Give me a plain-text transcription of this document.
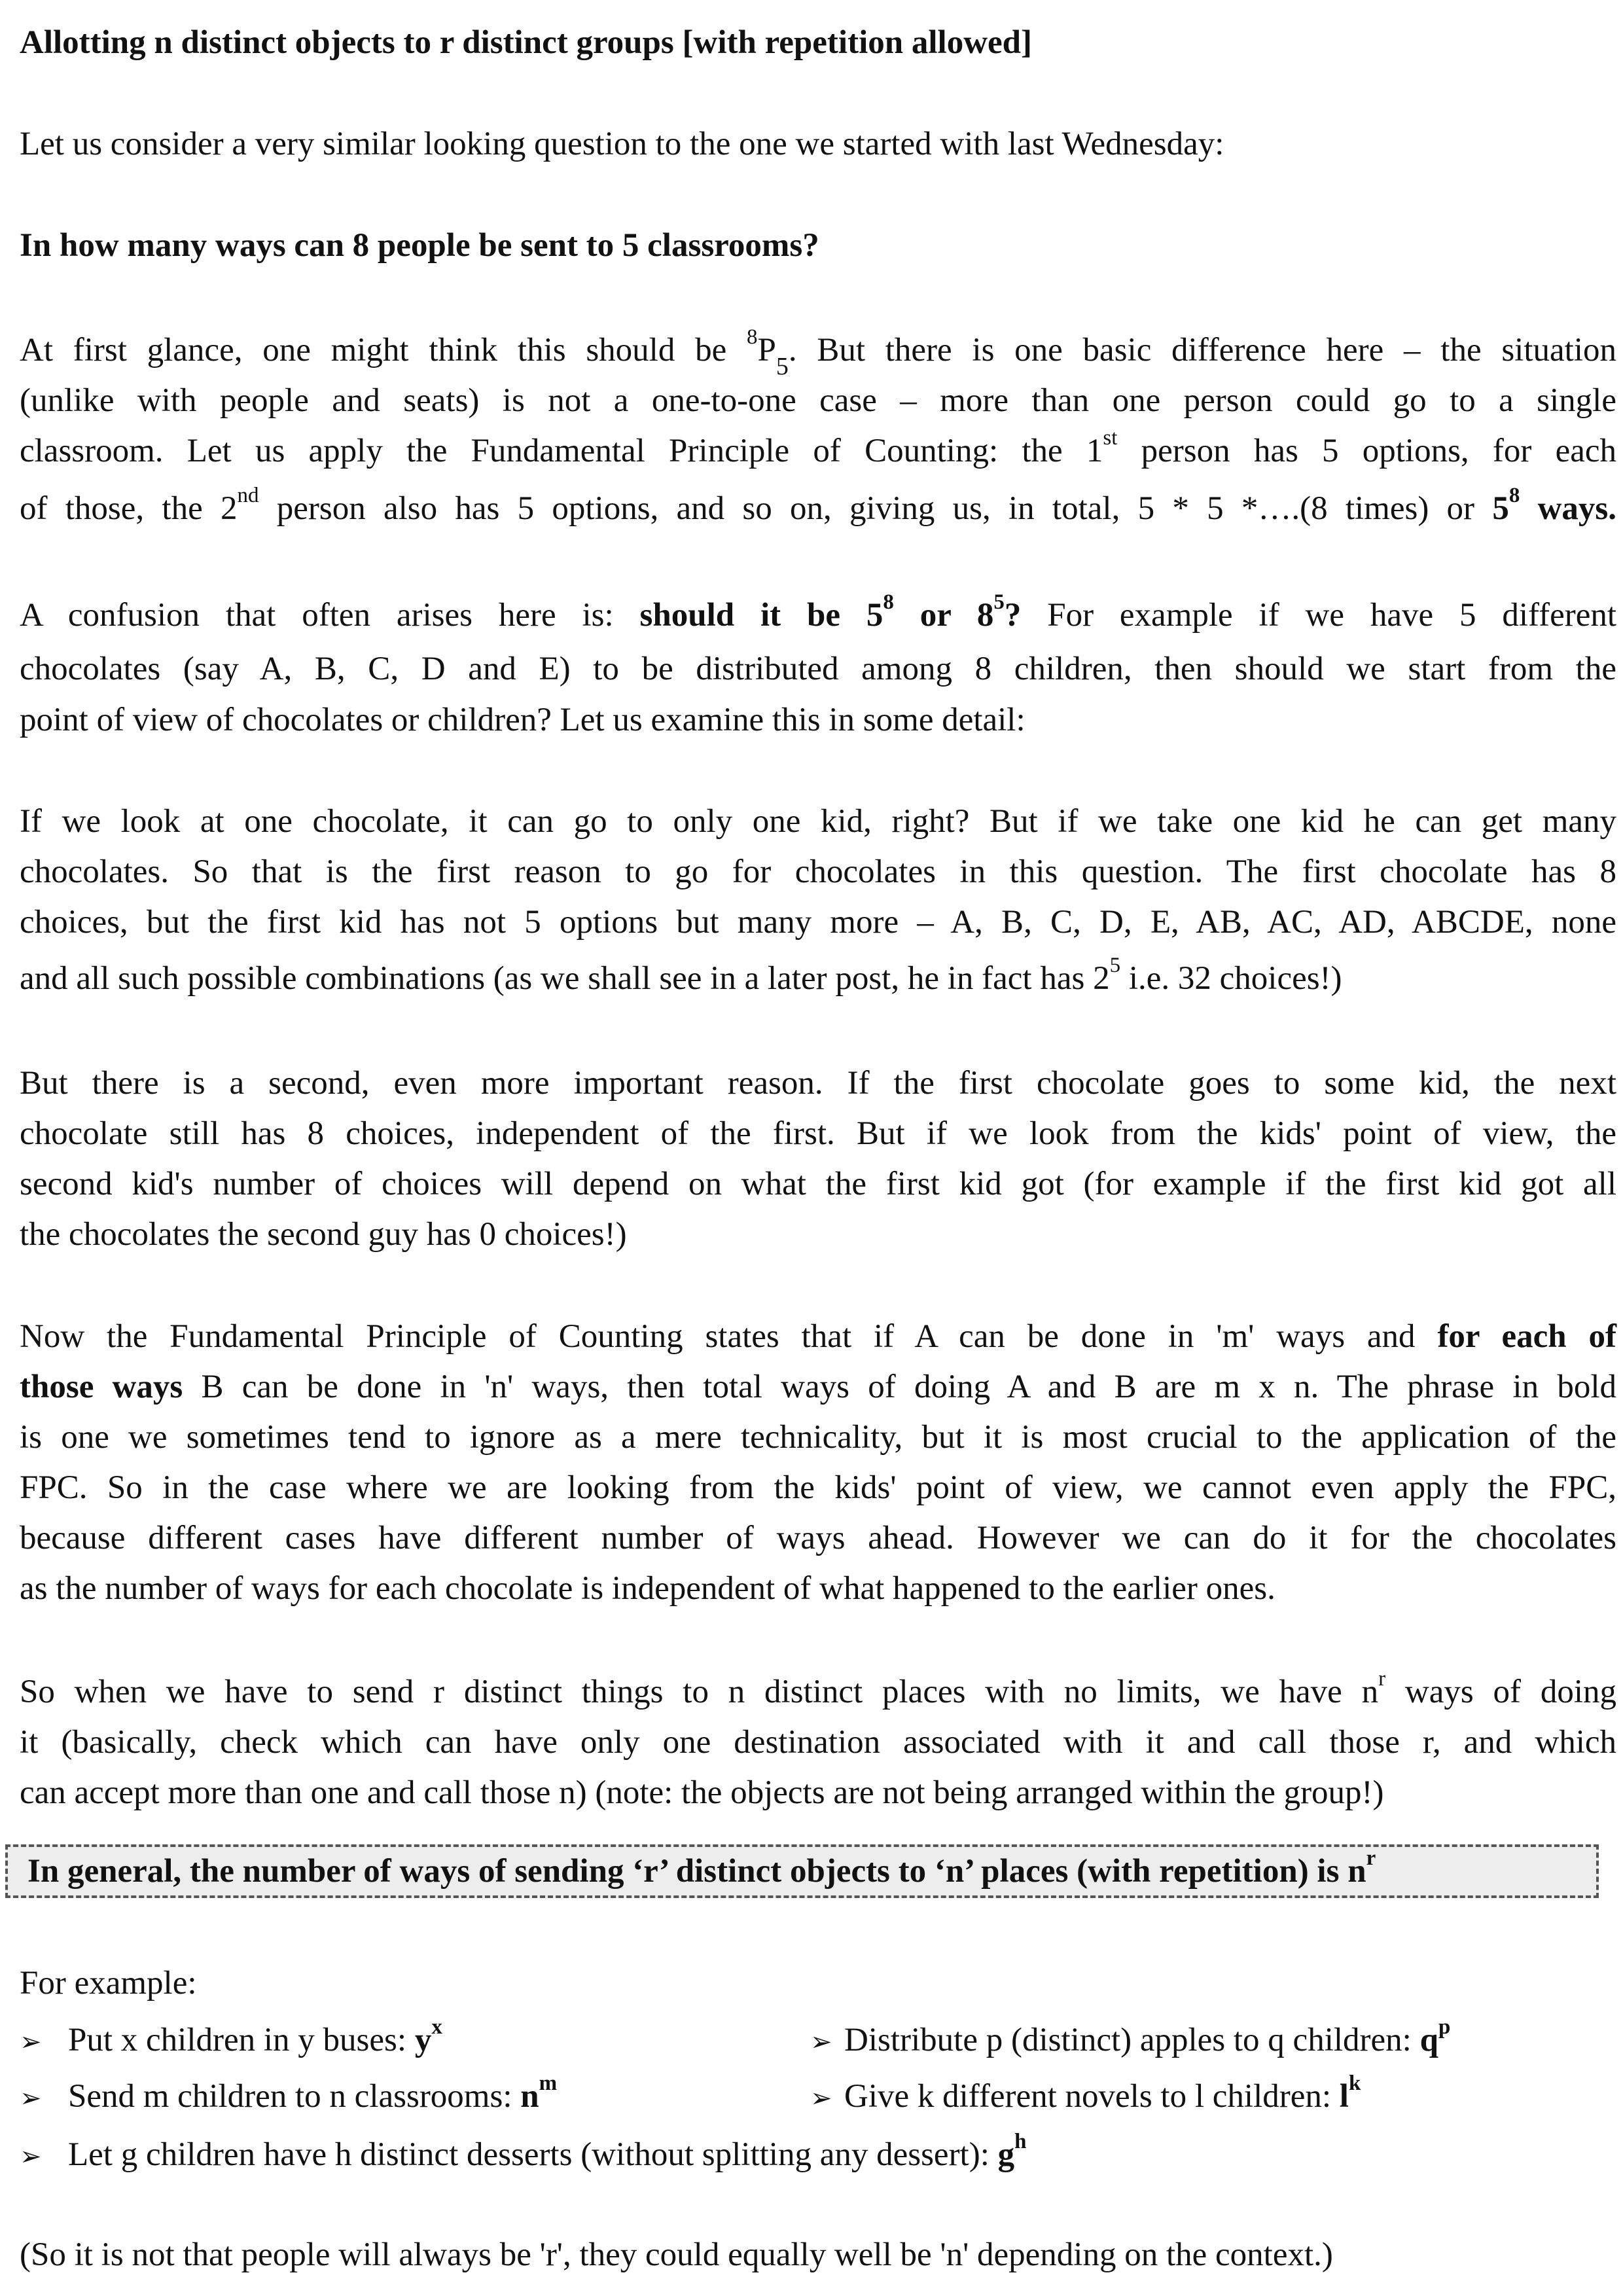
Allotting n distinct objects to r distinct groups [with repetition allowed]
Let us consider a very similar looking question to the one we started with last Wednesday:
In how many ways can 8 people be sent to 5 classrooms?
At first glance, one might think this should be $^8P_5$. But there is one basic difference here – the situation
(unlike with people and seats) is not a one-to-one case – more than one person could go to a single
classroom. Let us apply the Fundamental Principle of Counting: the 1st person has 5 options, for each
of those, the 2nd person also has 5 options, and so on, giving us, in total, 5 * 5 *….(8 times) or $5^8$ ways.
A confusion that often arises here is: should it be $5^8$ or $8^5$? For example if we have 5 different
chocolates (say A, B, C, D and E) to be distributed among 8 children, then should we start from the
point of view of chocolates or children? Let us examine this in some detail:
If we look at one chocolate, it can go to only one kid, right? But if we take one kid he can get many
chocolates. So that is the first reason to go for chocolates in this question. The first chocolate has 8
choices, but the first kid has not 5 options but many more – A, B, C, D, E, AB, AC, AD, ABCDE, none
and all such possible combinations (as we shall see in a later post, he in fact has $2^5$ i.e. 32 choices!)
But there is a second, even more important reason. If the first chocolate goes to some kid, the next
chocolate still has 8 choices, independent of the first. But if we look from the kids' point of view, the
second kid's number of choices will depend on what the first kid got (for example if the first kid got all
the chocolates the second guy has 0 choices!)
Now the Fundamental Principle of Counting states that if A can be done in 'm' ways and for each of
those ways B can be done in 'n' ways, then total ways of doing A and B are m x n. The phrase in bold
is one we sometimes tend to ignore as a mere technicality, but it is most crucial to the application of the
FPC. So in the case where we are looking from the kids' point of view, we cannot even apply the FPC,
because different cases have different number of ways ahead. However we can do it for the chocolates
as the number of ways for each chocolate is independent of what happened to the earlier ones.
So when we have to send r distinct things to n distinct places with no limits, we have $n^r$ ways of doing
it (basically, check which can have only one destination associated with it and call those r, and which
can accept more than one and call those n) (note: the objects are not being arranged within the group!)
In general, the number of ways of sending ‘r’ distinct objects to ‘n’ places (with repetition) is $n^r$
For example:
➢ Put x children in y buses: $y^x$	➢ Distribute p (distinct) apples to q children: $q^p$
➢ Send m children to n classrooms: $n^m$	➢ Give k different novels to l children: $l^k$
➢ Let g children have h distinct desserts (without splitting any dessert): $g^h$
(So it is not that people will always be 'r', they could equally well be 'n' depending on the context.)
